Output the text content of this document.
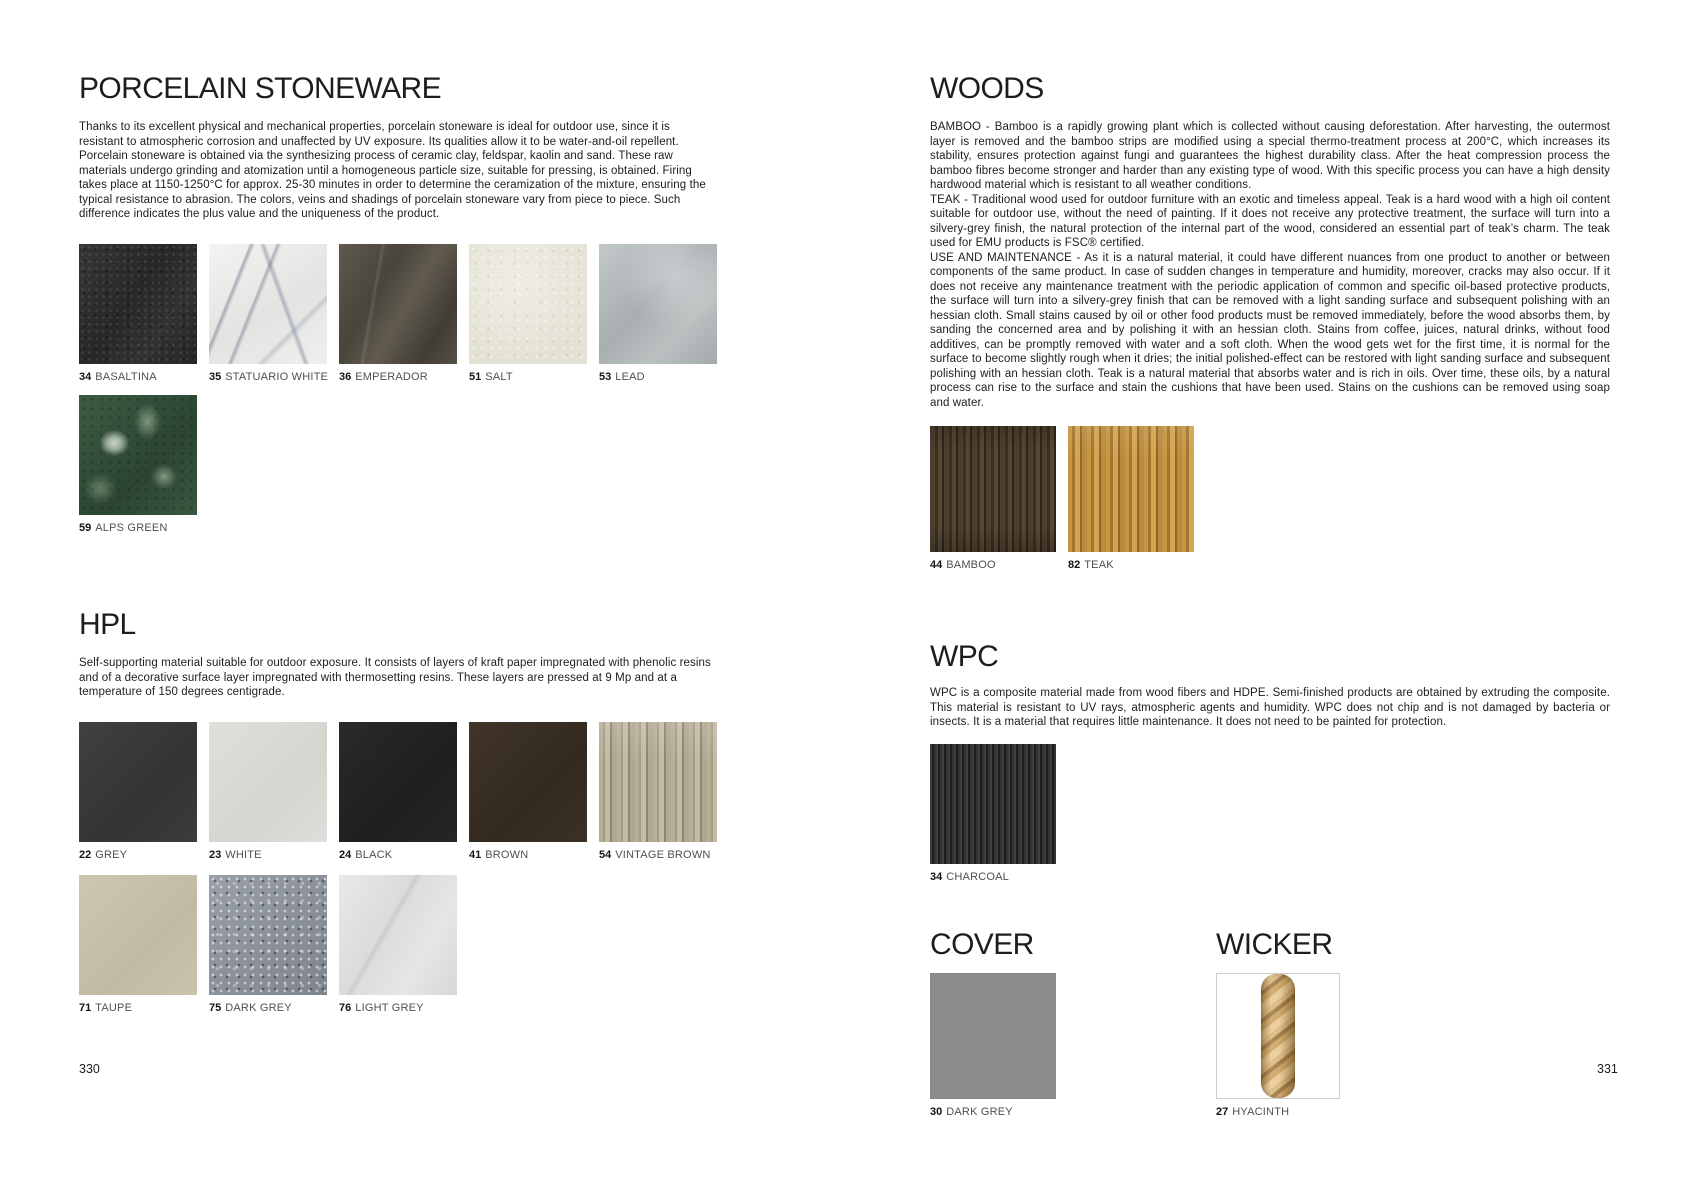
PORCELAIN STONEWARE

Thanks to its excellent physical and mechanical properties, porcelain stoneware is ideal for outdoor use, since it is resistant to atmospheric corrosion and unaffected by UV exposure. Its qualities allow it to be water-and-oil repellent. Porcelain stoneware is obtained via the synthesizing process of ceramic clay, feldspar, kaolin and sand. These raw materials undergo grinding and atomization until a homogeneous particle size, suitable for pressing, is obtained. Firing takes place at 1150-1250°C for approx. 25-30 minutes in order to determine the ceramization of the mixture, ensuring the typical resistance to abrasion. The colors, veins and shadings of porcelain stoneware vary from piece to piece. Such difference indicates the plus value and the uniqueness of the product.

34 BASALTINA	35 STATUARIO WHITE 36 EMPERADOR	51 SALT	53 LEAD
59 ALPS GREEN
HPL

Self-supporting material suitable for outdoor exposure. It consists of layers of kraft paper impregnated with phenolic resins and of a decorative surface layer impregnated with thermosetting resins. These layers are pressed at 9 Mp and at a temperature of 150 degrees centigrade.

22 GREY	23 WHITE	24 BLACK	41 BROWN	54 VINTAGE BROWN
71 TAUPE	75 DARK GREY	76 LIGHT GREY
WOODS

BAMBOO - Bamboo is a rapidly growing plant which is collected without causing deforestation. After harvesting, the outermost layer is removed and the bamboo strips are modified using a special thermo-treatment process at 200°C, which increases its stability, ensures protection against fungi and guarantees the highest durability class. After the heat compression process the bamboo fibres become stronger and harder than any existing type of wood. With this specific process you can have a high density hardwood material which is resistant to all weather conditions.

TEAK - Traditional wood used for outdoor furniture with an exotic and timeless appeal. Teak is a hard wood with a high oil content suitable for outdoor use, without the need of painting. If it does not receive any protective treatment, the surface will turn into a silvery-grey finish, the natural protection of the internal part of the wood, considered an essential part of teak’s charm. The teak used for EMU products is FSC® certified.

USE AND MAINTENANCE - As it is a natural material, it could have different nuances from one product to another or between components of the same product. In case of sudden changes in temperature and humidity, moreover, cracks may also occur. If it does not receive any maintenance treatment with the periodic application of common and specific oil-based protective products, the surface will turn into a silvery-grey finish that can be removed with a light sanding surface and subsequent polishing with an hessian cloth. Small stains caused by oil or other food products must be removed immediately, before the wood absorbs them, by sanding the concerned area and by polishing it with an hessian cloth. Stains from coffee, juices, natural drinks, without food additives, can be promptly removed with water and a soft cloth. When the wood gets wet for the first time, it is normal for the surface to become slightly rough when it dries; the initial polished-effect can be restored with light sanding surface and subsequent polishing with an hessian cloth. Teak is a natural material that absorbs water and is rich in oils. Over time, these oils, by a natural process can rise to the surface and stain the cushions that have been used. Stains on the cushions can be removed using soap and water.

44 BAMBOO	82 TEAK
WPC

WPC is a composite material made from wood fibers and HDPE. Semi-finished products are obtained by extruding the composite. This material is resistant to UV rays, atmospheric agents and humidity. WPC does not chip and is not damaged by bacteria or insects. It is a material that requires little maintenance. It does not need to be painted for protection.

34 CHARCOAL
COVER
30 DARK GREY
WICKER
27 HYACINTH
330	331
